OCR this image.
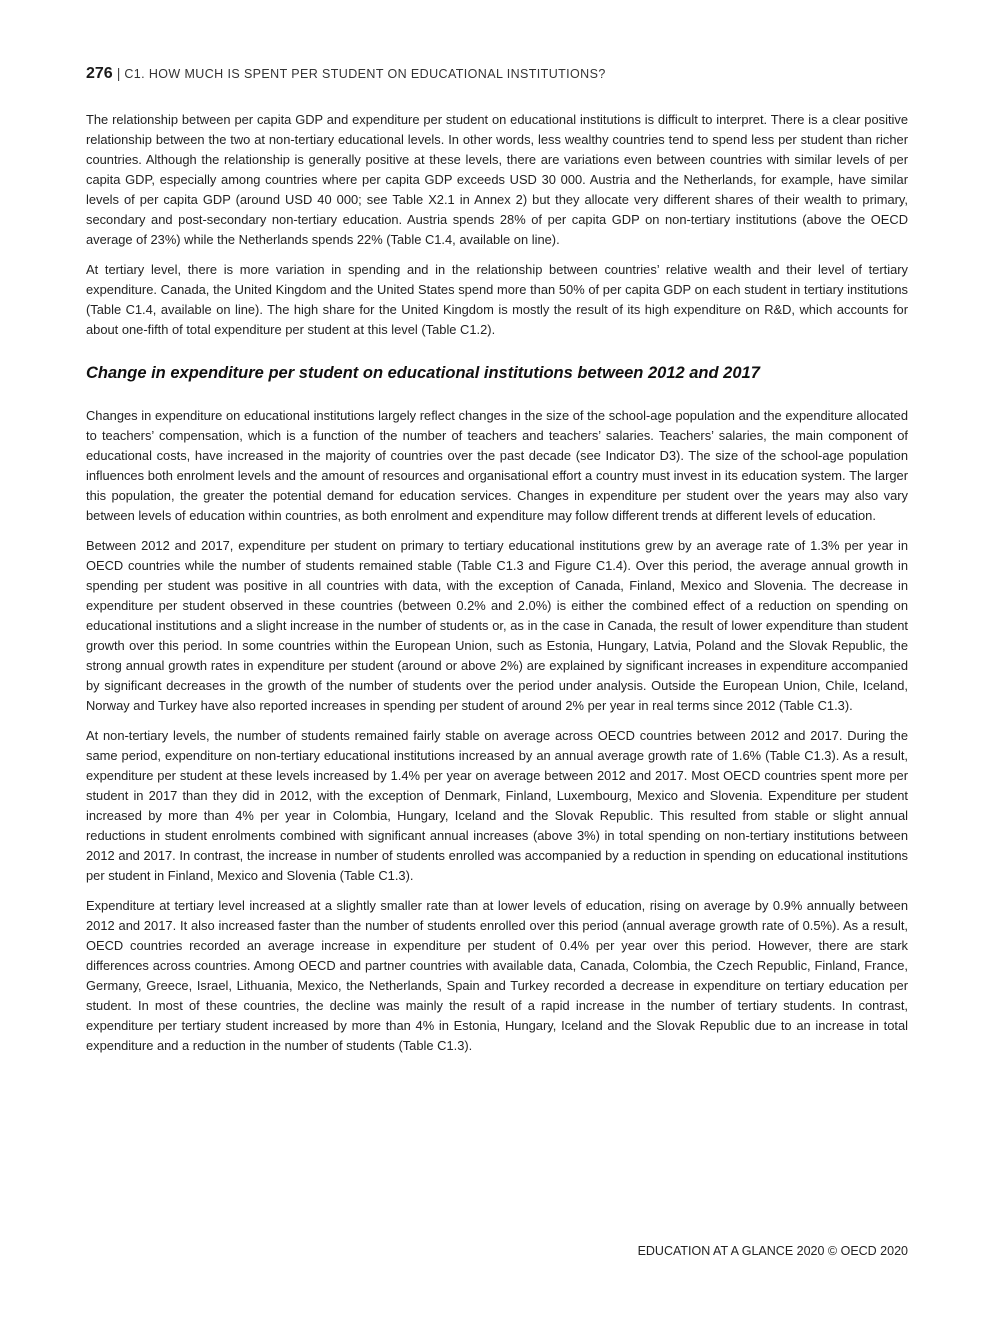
276 | C1. HOW MUCH IS SPENT PER STUDENT ON EDUCATIONAL INSTITUTIONS?

The relationship between per capita GDP and expenditure per student on educational institutions is difficult to interpret. There is a clear positive relationship between the two at non-tertiary educational levels. In other words, less wealthy countries tend to spend less per student than richer countries. Although the relationship is generally positive at these levels, there are variations even between countries with similar levels of per capita GDP, especially among countries where per capita GDP exceeds USD 30 000. Austria and the Netherlands, for example, have similar levels of per capita GDP (around USD 40 000; see Table X2.1 in Annex 2) but they allocate very different shares of their wealth to primary, secondary and post-secondary non-tertiary education. Austria spends 28% of per capita GDP on non-tertiary institutions (above the OECD average of 23%) while the Netherlands spends 22% (Table C1.4, available on line).

At tertiary level, there is more variation in spending and in the relationship between countries’ relative wealth and their level of tertiary expenditure. Canada, the United Kingdom and the United States spend more than 50% of per capita GDP on each student in tertiary institutions (Table C1.4, available on line). The high share for the United Kingdom is mostly the result of its high expenditure on R&D, which accounts for about one-fifth of total expenditure per student at this level (Table C1.2).

Change in expenditure per student on educational institutions between 2012 and 2017

Changes in expenditure on educational institutions largely reflect changes in the size of the school-age population and the expenditure allocated to teachers’ compensation, which is a function of the number of teachers and teachers’ salaries. Teachers’ salaries, the main component of educational costs, have increased in the majority of countries over the past decade (see Indicator D3). The size of the school-age population influences both enrolment levels and the amount of resources and organisational effort a country must invest in its education system. The larger this population, the greater the potential demand for education services. Changes in expenditure per student over the years may also vary between levels of education within countries, as both enrolment and expenditure may follow different trends at different levels of education.

Between 2012 and 2017, expenditure per student on primary to tertiary educational institutions grew by an average rate of 1.3% per year in OECD countries while the number of students remained stable (Table C1.3 and Figure C1.4). Over this period, the average annual growth in spending per student was positive in all countries with data, with the exception of Canada, Finland, Mexico and Slovenia. The decrease in expenditure per student observed in these countries (between 0.2% and 2.0%) is either the combined effect of a reduction on spending on educational institutions and a slight increase in the number of students or, as in the case in Canada, the result of lower expenditure than student growth over this period. In some countries within the European Union, such as Estonia, Hungary, Latvia, Poland and the Slovak Republic, the strong annual growth rates in expenditure per student (around or above 2%) are explained by significant increases in expenditure accompanied by significant decreases in the growth of the number of students over the period under analysis. Outside the European Union, Chile, Iceland, Norway and Turkey have also reported increases in spending per student of around 2% per year in real terms since 2012 (Table C1.3).

At non-tertiary levels, the number of students remained fairly stable on average across OECD countries between 2012 and 2017. During the same period, expenditure on non-tertiary educational institutions increased by an annual average growth rate of 1.6% (Table C1.3). As a result, expenditure per student at these levels increased by 1.4% per year on average between 2012 and 2017. Most OECD countries spent more per student in 2017 than they did in 2012, with the exception of Denmark, Finland, Luxembourg, Mexico and Slovenia. Expenditure per student increased by more than 4% per year in Colombia, Hungary, Iceland and the Slovak Republic. This resulted from stable or slight annual reductions in student enrolments combined with significant annual increases (above 3%) in total spending on non-tertiary institutions between 2012 and 2017. In contrast, the increase in number of students enrolled was accompanied by a reduction in spending on educational institutions per student in Finland, Mexico and Slovenia (Table C1.3).

Expenditure at tertiary level increased at a slightly smaller rate than at lower levels of education, rising on average by 0.9% annually between 2012 and 2017. It also increased faster than the number of students enrolled over this period (annual average growth rate of 0.5%). As a result, OECD countries recorded an average increase in expenditure per student of 0.4% per year over this period. However, there are stark differences across countries. Among OECD and partner countries with available data, Canada, Colombia, the Czech Republic, Finland, France, Germany, Greece, Israel, Lithuania, Mexico, the Netherlands, Spain and Turkey recorded a decrease in expenditure on tertiary education per student. In most of these countries, the decline was mainly the result of a rapid increase in the number of tertiary students. In contrast, expenditure per tertiary student increased by more than 4% in Estonia, Hungary, Iceland and the Slovak Republic due to an increase in total expenditure and a reduction in the number of students (Table C1.3).

EDUCATION AT A GLANCE 2020 © OECD 2020
